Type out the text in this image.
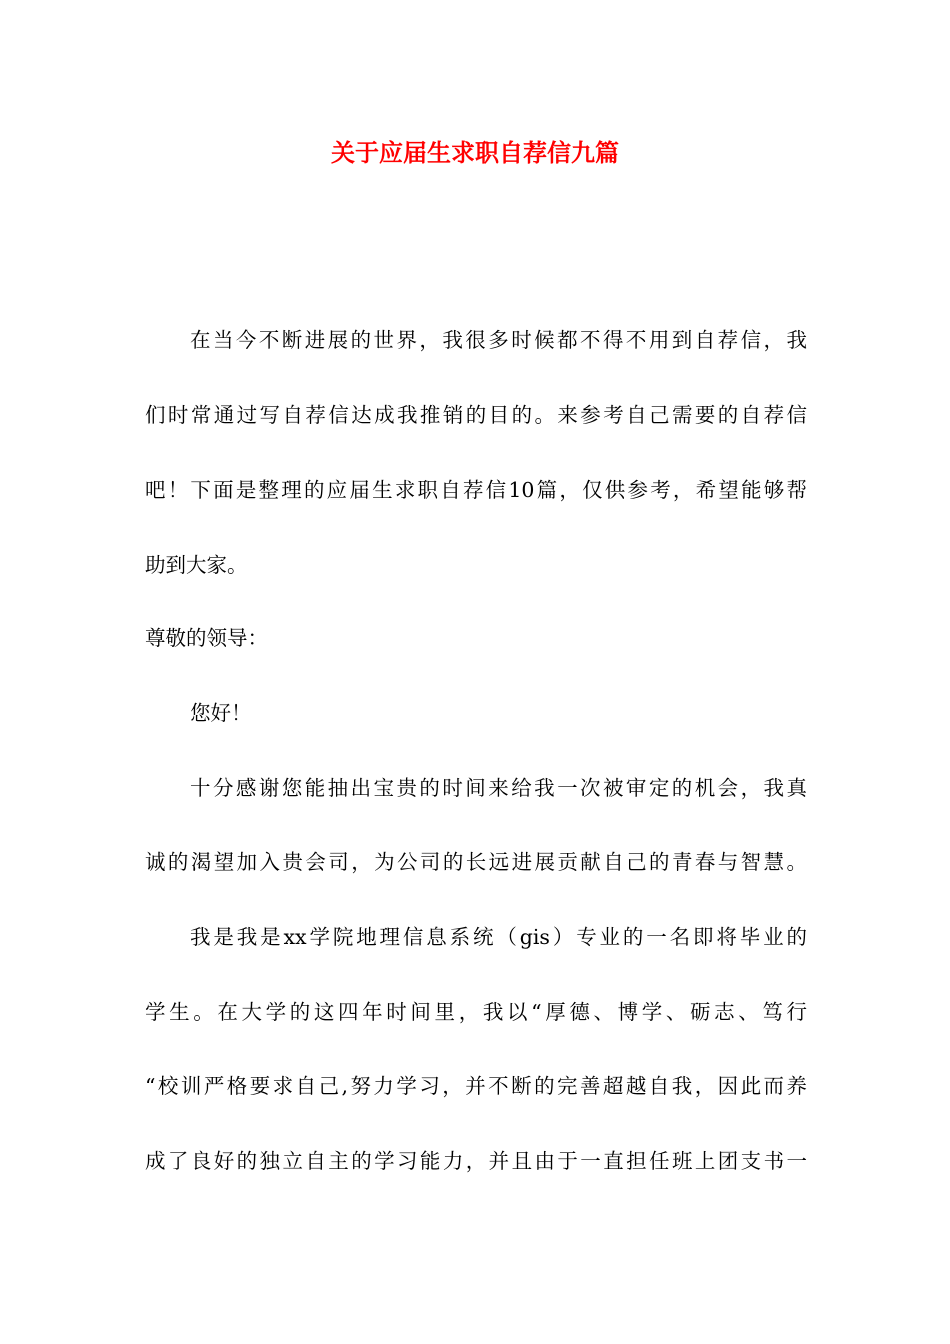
关于应届生求职自荐信九篇
在当今不断进展的世界，我很多时候都不得不用到自荐信，我
们时常通过写自荐信达成我推销的目的。来参考自己需要的自荐信
吧！下面是整理的应届生求职自荐信10篇，仅供参考，希望能够帮
助到大家。
尊敬的领导：
您好！
十分感谢您能抽出宝贵的时间来给我一次被审定的机会，我真
诚的渴望加入贵会司，为公司的长远进展贡献自己的青春与智慧。
我是我是xx学院地理信息系统（gis）专业的一名即将毕业的
学生。在大学的这四年时间里，我以“厚德、博学、砺志、笃行
“校训严格要求自己,努力学习，并不断的完善超越自我，因此而养
成了良好的独立自主的学习能力，并且由于一直担任班上团支书一
